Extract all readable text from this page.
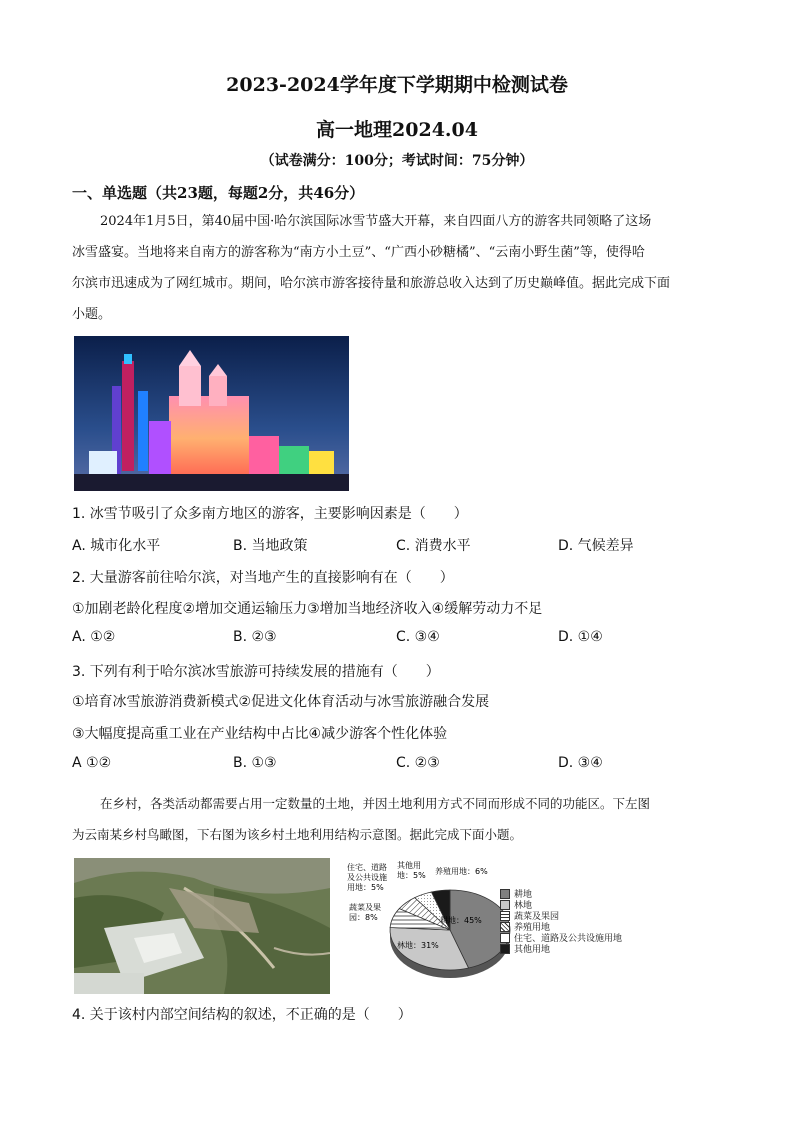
2023-2024学年度下学期期中检测试卷
高一地理2024.04
（试卷满分：100分；考试时间：75分钟）
一、单选题（共23题，每题2分，共46分）
2024年1月5日，第40届中国·哈尔滨国际冰雪节盛大开幕，来自四面八方的游客共同领略了这场
冰雪盛宴。当地将来自南方的游客称为“南方小土豆”、“广西小砂糖橘”、“云南小野生菌”等，使得哈
尔滨市迅速成为了网红城市。期间，哈尔滨市游客接待量和旅游总收入达到了历史巅峰值。据此完成下面
小题。
1. 冰雪节吸引了众多南方地区的游客，主要影响因素是（　　）
A. 城市化水平	B. 当地政策	C. 消费水平	D. 气候差异
2. 大量游客前往哈尔滨，对当地产生的直接影响有在（　　）
①加剧老龄化程度②增加交通运输压力③增加当地经济收入④缓解劳动力不足
A. ①②	B. ②③	C. ③④	D. ①④
3. 下列有利于哈尔滨冰雪旅游可持续发展的措施有（　　）
①培育冰雪旅游消费新模式②促进文化体育活动与冰雪旅游融合发展
③大幅度提高重工业在产业结构中占比④减少游客个性化体验
A ①②	B. ①③	C. ②③	D. ③④
在乡村，各类活动都需要占用一定数量的土地，并因土地利用方式不同而形成不同的功能区。下左图
为云南某乡村鸟瞰图，下右图为该乡村土地利用结构示意图。据此完成下面小题。
住宅、道路
及公共设施
用地：5%
其他用
地：5% 养殖用地：6%
蔬菜及果
园：8%	耕地：45%
林地：31%
耕地
林地
蔬菜及果园
养殖用地
住宅、道路及公共设施用地
其他用地
4. 关于该村内部空间结构的叙述，不正确的是（　　）
